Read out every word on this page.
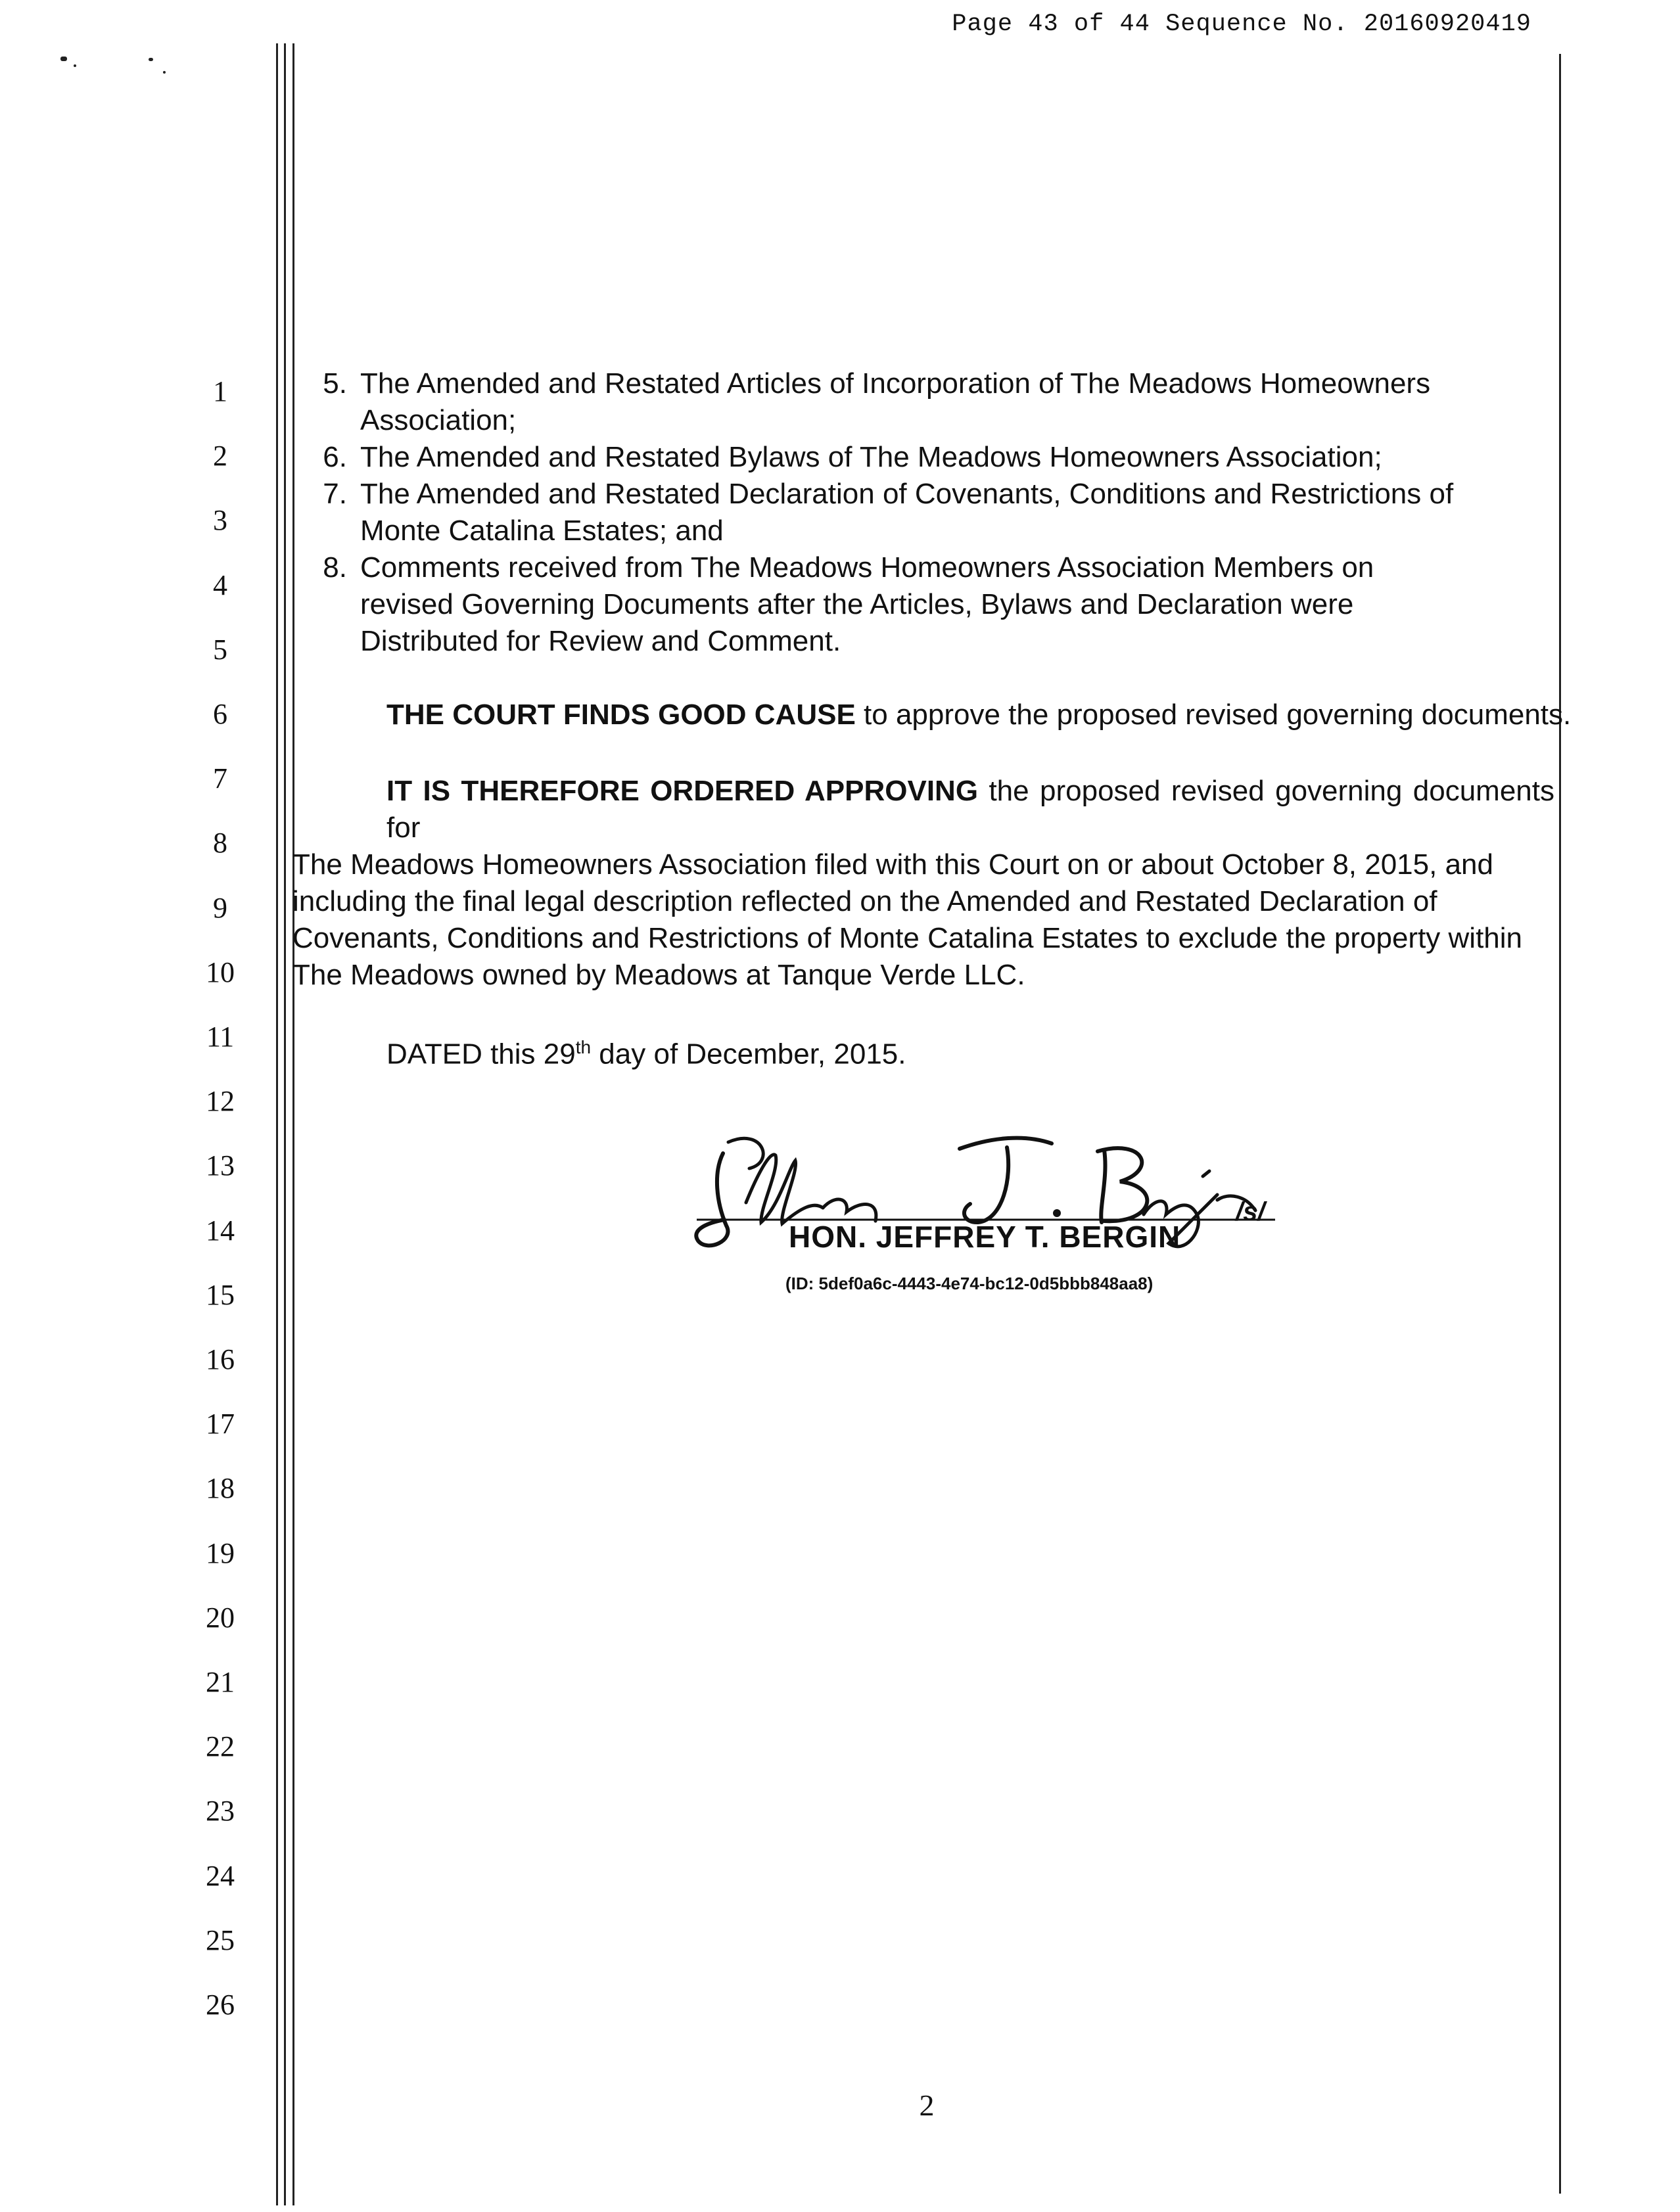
Page 43 of 44 Sequence No. 20160920419
1
2
3
4
5
6
7
8
9
10
11
12
13
14
15
16
17
18
19
20
21
22
23
24
25
26
5. The Amended and Restated Articles of Incorporation of The Meadows Homeowners
Association;
6. The Amended and Restated Bylaws of The Meadows Homeowners Association;
7. The Amended and Restated Declaration of Covenants, Conditions and Restrictions of
Monte Catalina Estates; and
8. Comments received from The Meadows Homeowners Association Members on
revised Governing Documents after the Articles, Bylaws and Declaration were
Distributed for Review and Comment.
THE COURT FINDS GOOD CAUSE to approve the proposed revised governing documents.
IT IS THEREFORE ORDERED APPROVING the proposed revised governing documents for
The Meadows Homeowners Association filed with this Court on or about October 8, 2015, and
including the final legal description reflected on the Amended and Restated Declaration of
Covenants, Conditions and Restrictions of Monte Catalina Estates to exclude the property within
The Meadows owned by Meadows at Tanque Verde LLC.
DATED this 29th day of December, 2015.
/s/
HON. JEFFREY T. BERGIN
(ID: 5def0a6c-4443-4e74-bc12-0d5bbb848aa8)
2
